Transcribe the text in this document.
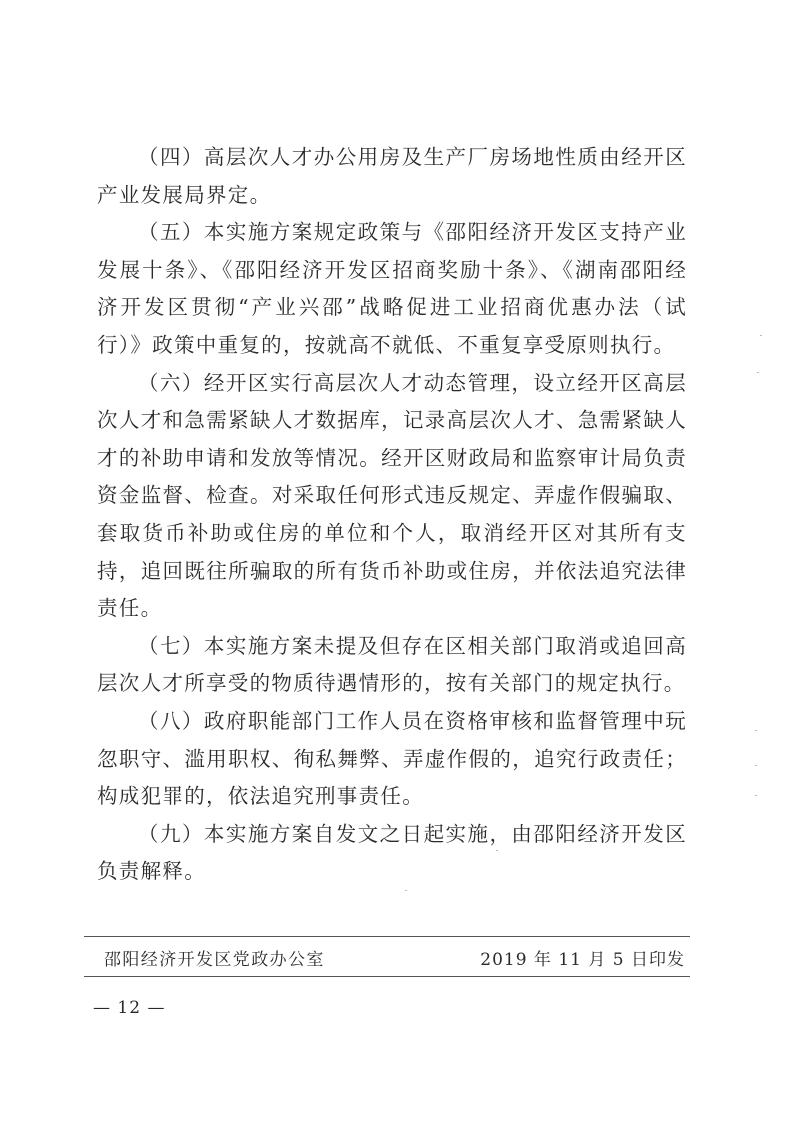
（四）高层次人才办公用房及生产厂房场地性质由经开区产业发展局界定。

（五）本实施方案规定政策与《邵阳经济开发区支持产业发展十条》、《邵阳经济开发区招商奖励十条》、《湖南邵阳经济开发区贯彻“产业兴邵”战略促进工业招商优惠办法（试行）》政策中重复的，按就高不就低、不重复享受原则执行。

（六）经开区实行高层次人才动态管理，设立经开区高层次人才和急需紧缺人才数据库，记录高层次人才、急需紧缺人才的补助申请和发放等情况。经开区财政局和监察审计局负责资金监督、检查。对采取任何形式违反规定、弄虚作假骗取、套取货币补助或住房的单位和个人，取消经开区对其所有支持，追回既往所骗取的所有货币补助或住房，并依法追究法律责任。

（七）本实施方案未提及但存在区相关部门取消或追回高层次人才所享受的物质待遇情形的，按有关部门的规定执行。

（八）政府职能部门工作人员在资格审核和监督管理中玩忽职守、滥用职权、徇私舞弊、弄虚作假的，追究行政责任；构成犯罪的，依法追究刑事责任。

（九）本实施方案自发文之日起实施，由邵阳经济开发区负责解释。

邵阳经济开发区党政办公室	2019 年 11 月 5 日印发
— 12 —
